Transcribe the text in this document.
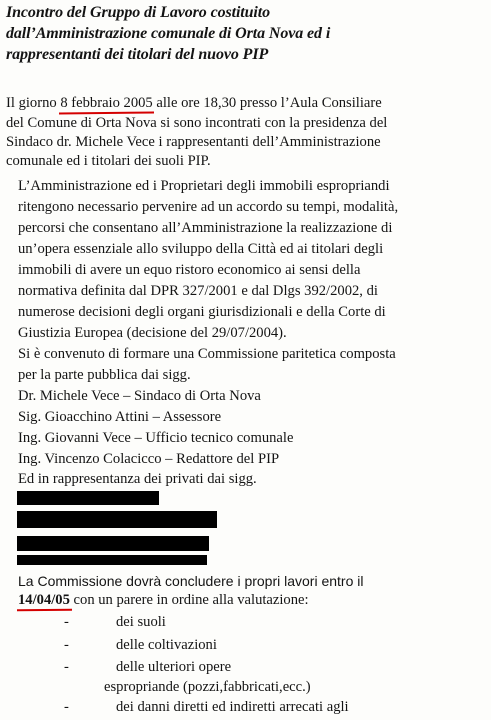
Incontro del Gruppo di Lavoro costituito
dall’Amministrazione comunale di Orta Nova ed i
rappresentanti dei titolari del nuovo PIP
Il giorno 8 febbraio 2005 alle ore 18,30 presso l’Aula Consiliare
del Comune di Orta Nova si sono incontrati con la presidenza del
Sindaco dr. Michele Vece i rappresentanti dell’Amministrazione
comunale ed i titolari dei suoli PIP.
L’Amministrazione ed i Proprietari degli immobili espropriandi
ritengono necessario pervenire ad un accordo su tempi, modalità,
percorsi che consentano all’Amministrazione la realizzazione di
un’opera essenziale allo sviluppo della Città ed ai titolari degli
immobili di avere un equo ristoro economico ai sensi della
normativa definita dal DPR 327/2001 e dal Dlgs 392/2002, di
numerose decisioni degli organi giurisdizionali e della Corte di
Giustizia Europea (decisione del 29/07/2004).
Si è convenuto di formare una Commissione paritetica composta
per la parte pubblica dai sigg.
Dr. Michele Vece – Sindaco di Orta Nova
Sig. Gioacchino Attini – Assessore
Ing. Giovanni Vece – Ufficio tecnico comunale
Ing. Vincenzo Colacicco – Redattore del PIP
Ed in rappresentanza dei privati dai sigg.
La Commissione dovrà concludere i propri lavori entro il
14/04/05 con un parere in ordine alla valutazione:
-	dei suoli
-	delle coltivazioni
-	delle ulteriori opere
espropriande (pozzi,fabbricati,ecc.)
-	dei danni diretti ed indiretti arrecati agli
